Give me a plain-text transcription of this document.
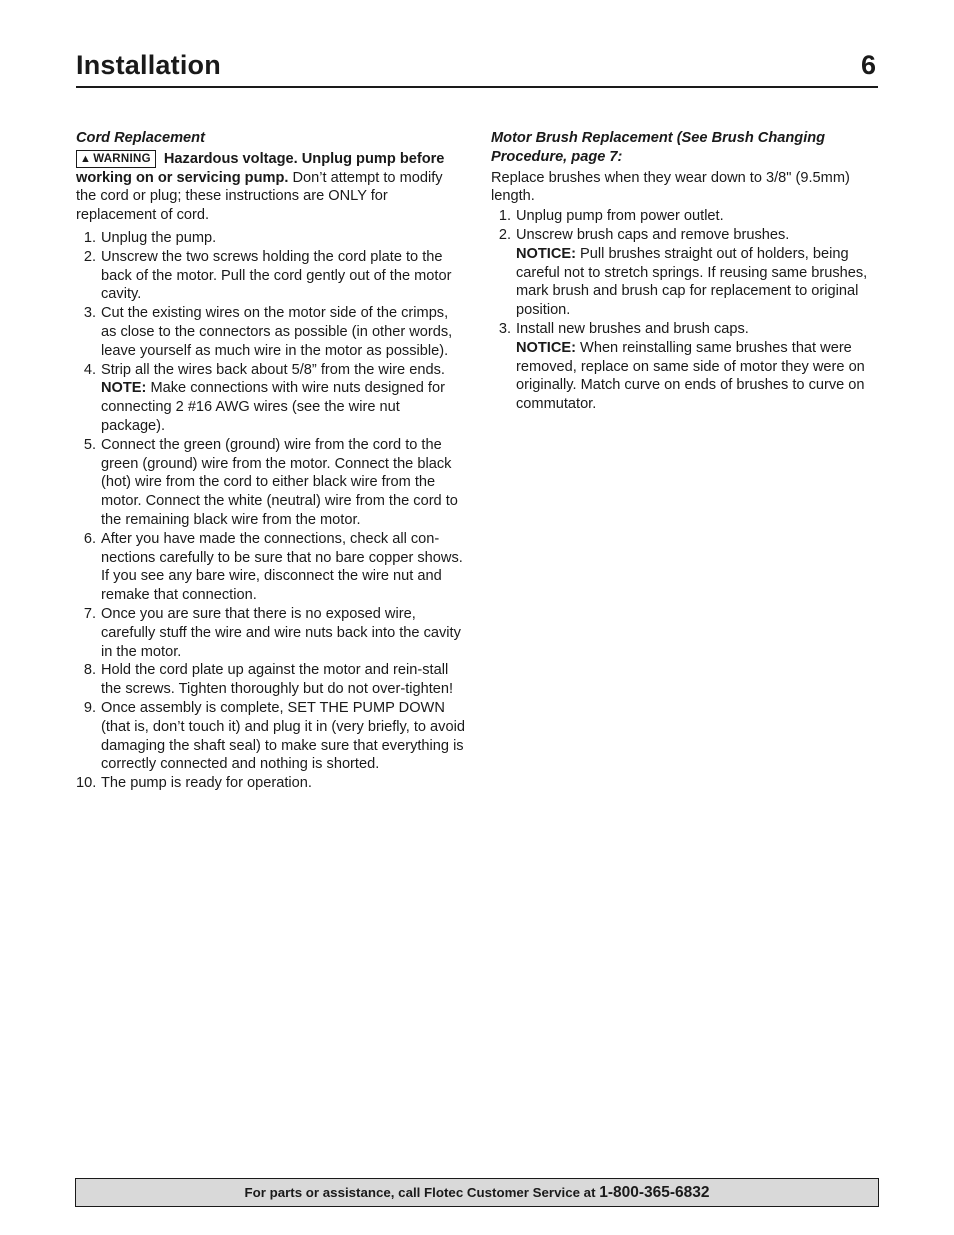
Installation	6
Cord Replacement

▲ WARNING Hazardous voltage. Unplug pump before working on or servicing pump. Don’t attempt to modify the cord or plug; these instructions are ONLY for replacement of cord.

1. Unplug the pump.
2. Unscrew the two screws holding the cord plate to the back of the motor. Pull the cord gently out of the motor cavity.
3. Cut the existing wires on the motor side of the crimps, as close to the connectors as possible (in other words, leave yourself as much wire in the motor as possible).
4. Strip all the wires back about 5/8” from the wire ends.
NOTE: Make connections with wire nuts designed for connecting 2 #16 AWG wires (see the wire nut package).
5. Connect the green (ground) wire from the cord to the green (ground) wire from the motor. Connect the black (hot) wire from the cord to either black wire from the motor. Connect the white (neutral) wire from the cord to the remaining black wire from the motor.
6. After you have made the connections, check all con-nections carefully to be sure that no bare copper shows. If you see any bare wire, disconnect the wire nut and remake that connection.
7. Once you are sure that there is no exposed wire, carefully stuff the wire and wire nuts back into the cavity in the motor.
8. Hold the cord plate up against the motor and rein-stall the screws. Tighten thoroughly but do not over-tighten!
9. Once assembly is complete, SET THE PUMP DOWN (that is, don’t touch it) and plug it in (very briefly, to avoid damaging the shaft seal) to make sure that everything is correctly connected and nothing is shorted.
10. The pump is ready for operation.
Motor Brush Replacement (See Brush Changing Procedure, page 7:

Replace brushes when they wear down to 3/8" (9.5mm) length.

1. Unplug pump from power outlet.
2. Unscrew brush caps and remove brushes.
NOTICE: Pull brushes straight out of holders, being careful not to stretch springs. If reusing same brushes, mark brush and brush cap for replacement to original position.
3. Install new brushes and brush caps.
NOTICE: When reinstalling same brushes that were removed, replace on same side of motor they were on originally. Match curve on ends of brushes to curve on commutator.
For parts or assistance, call Flotec Customer Service at 1-800-365-6832
